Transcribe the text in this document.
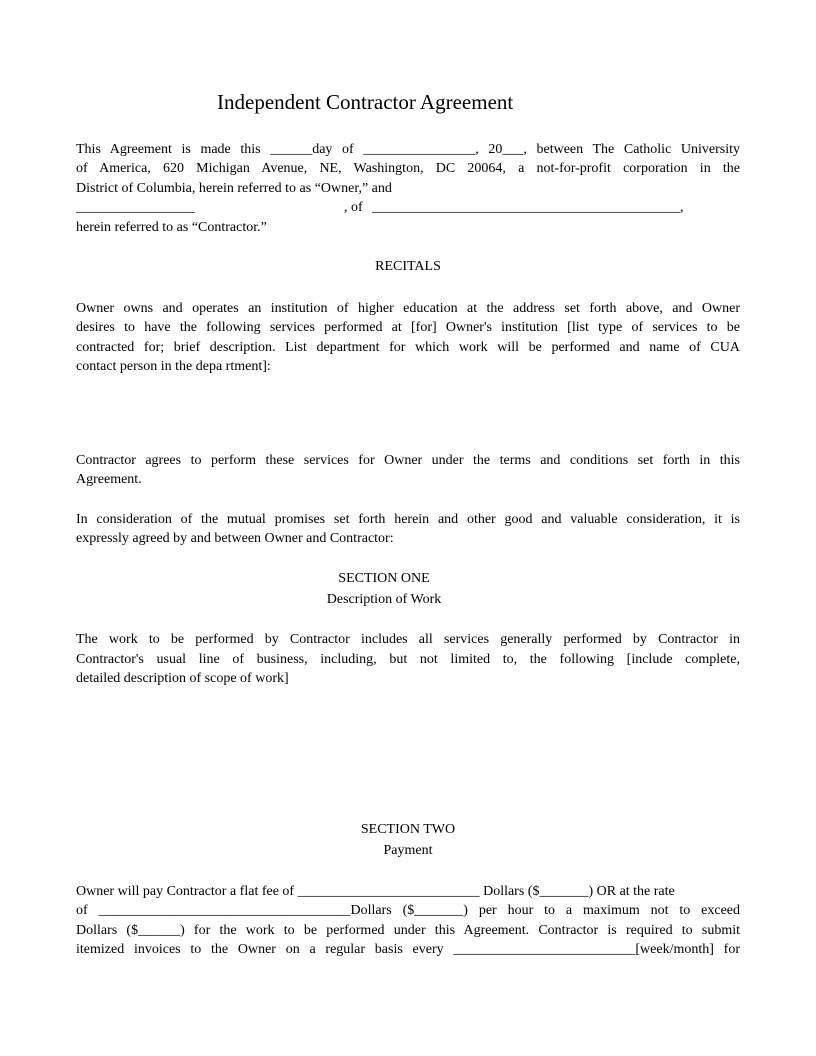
Independent Contractor Agreement
This Agreement is made this ______day of ________________, 20___, between The Catholic University
of America, 620 Michigan Avenue, NE, Washington, DC 20064, a not-for-profit corporation in the
District of Columbia, herein referred to as “Owner,” and
_________________	, of ____________________________________________,
herein referred to as “Contractor.”
RECITALS
Owner owns and operates an institution of higher education at the address set forth above, and Owner
desires to have the following services performed at [for] Owner's institution [list type of services to be
contracted for; brief description. List department for which work will be performed and name of CUA
contact person in the depa rtment]:
Contractor agrees to perform these services for Owner under the terms and conditions set forth in this
Agreement.
In consideration of the mutual promises set forth herein and other good and valuable consideration, it is
expressly agreed by and between Owner and Contractor:
SECTION ONE
Description of Work
The work to be performed by Contractor includes all services generally performed by Contractor in
Contractor's usual line of business, including, but not limited to, the following [include complete,
detailed description of scope of work]
SECTION TWO
Payment
Owner will pay Contractor a flat fee of __________________________ Dollars ($_______) OR at the rate
of ____________________________________Dollars ($_______) per hour to a maximum not to exceed
Dollars ($______) for the work to be performed under this Agreement. Contractor is required to submit
itemized invoices to the Owner on a regular basis every __________________________[week/month] for
